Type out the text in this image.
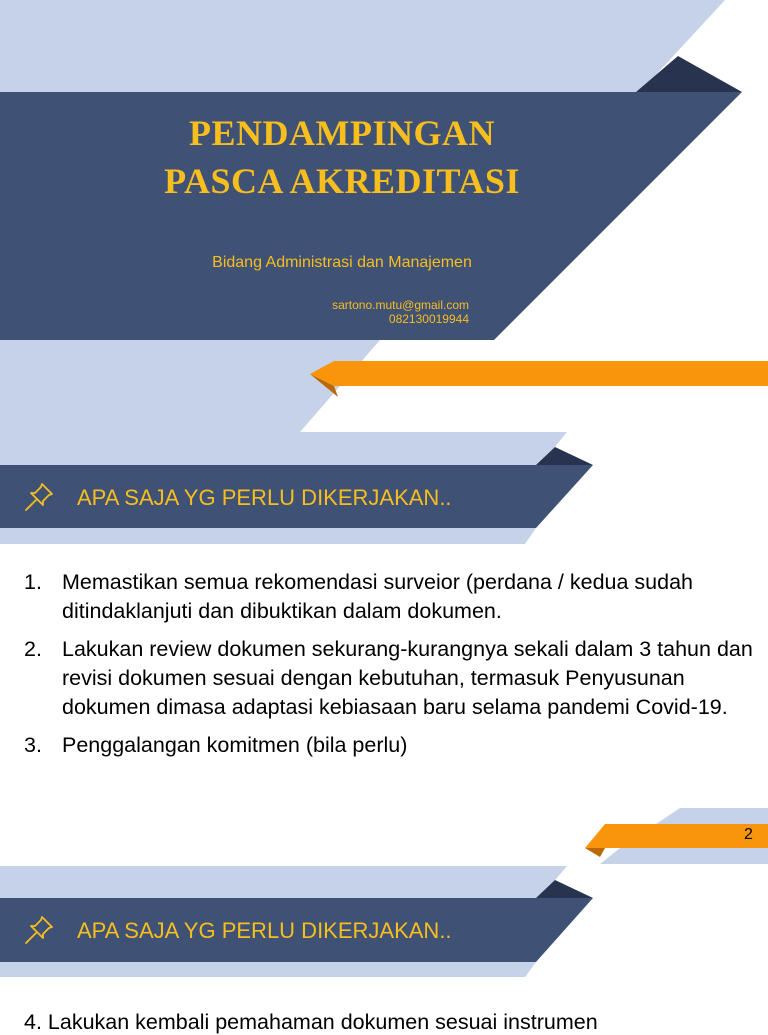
PENDAMPINGAN
PASCA AKREDITASI
Bidang Administrasi dan Manajemen
sartono.mutu@gmail.com
082130019944
APA SAJA YG PERLU DIKERJAKAN..
1. Memastikan semua rekomendasi surveior (perdana / kedua sudah ditindaklanjuti dan dibuktikan dalam dokumen.
2. Lakukan review dokumen sekurang-kurangnya sekali dalam 3 tahun dan revisi dokumen sesuai dengan kebutuhan, termasuk Penyusunan dokumen dimasa adaptasi kebiasaan baru selama pandemi Covid-19.
3. Penggalangan komitmen (bila perlu)
2
APA SAJA YG PERLU DIKERJAKAN..
4. Lakukan kembali pemahaman dokumen sesuai instrumen
